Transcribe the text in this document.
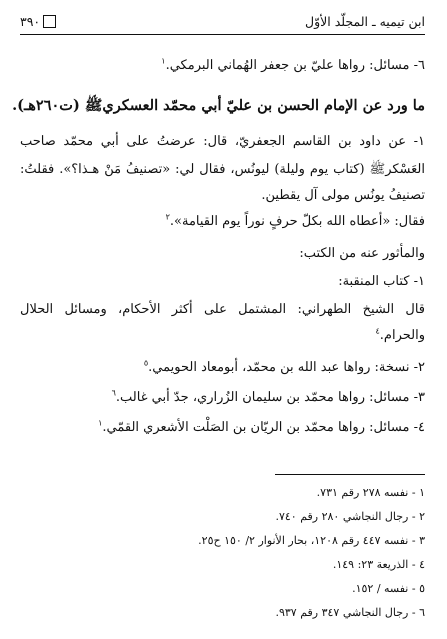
ابن تيميه ـ المجلّد الأوّل
٣٩٠
٦- مسائل: رواها عليّ بن جعفر الهُماني البرمكي.$^١$
ما ورد عن الإمام الحسن بن عليّ أبي محمّد العسكريﷺ (ت٢٦٠هـ).
١- عن داود بن القاسم الجعفريّ، قال: عرضتُ على أبي محمّد صاحب
العَسْكرﷺ (كتاب يوم وليلة) ليونُس، فقال لي: «تصنيفُ مَنْ هـذا؟». فقلتُ:
تصنيفُ يونُس مولى آل يقطين.
فقال: «أعطاه الله بكلّ حرفٍ نوراً يوم القيامة».$^٢$
والمأثور عنه من الكتب:
١- كتاب المنقبة:
قال الشيخ الطهراني: المشتمل على أكثر الأحكام، ومسائل الحلال
والحرام.$^٤$
٢- نسخة: رواها عبد الله بن محمّد، أبومعاد الحويمي.$^٥$
٣- مسائل: رواها محمّد بن سليمان الزُراري، جدّ أبي غالب.$^٦$
٤- مسائل: رواها محمّد بن الريّان بن الصَلْت الأشعري القمّي.$^١$
١ - نفسه ٢٧٨ رقم ٧٣١.
٢ - رجال النجاشي ٢٨٠ رقم ٧٤٠.
٣ - نفسه ٤٤٧ رقم ١٢٠٨، بحار الأنوار ٢/ ١٥٠ ح٢٥.
٤ - الذريعة ٢٣: ١٤٩.
٥ - نفسه / ١٥٢.
٦ - رجال النجاشي ٣٤٧ رقم ٩٣٧.
